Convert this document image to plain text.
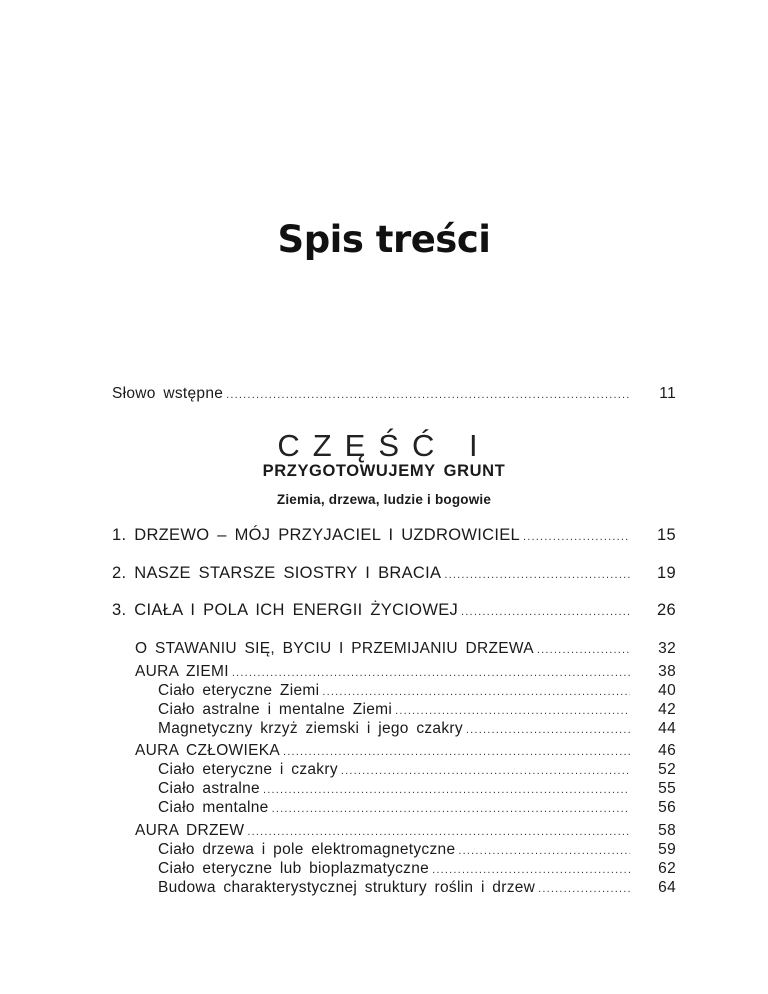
Spis treści
Słowo wstępne .....	11
CZĘŚĆ I
PRZYGOTOWUJEMY GRUNT
Ziemia, drzewa, ludzie i bogowie
1. DRZEWO – MÓJ PRZYJACIEL I UZDROWICIEL .....	15
2. NASZE STARSZE SIOSTRY I BRACIA .....	19
3. CIAŁA I POLA ICH ENERGII ŻYCIOWEJ .....	26
O STAWANIU SIĘ, BYCIU I PRZEMIJANIU DRZEWA .....	32
AURA ZIEMI .....	38
Ciało eteryczne Ziemi .....	40
Ciało astralne i mentalne Ziemi .....	42
Magnetyczny krzyż ziemski i jego czakry .....	44
AURA CZŁOWIEKA .....	46
Ciało eteryczne i czakry .....	52
Ciało astralne .....	55
Ciało mentalne .....	56
AURA DRZEW .....	58
Ciało drzewa i pole elektromagnetyczne .....	59
Ciało eteryczne lub bioplazmatyczne .....	62
Budowa charakterystycznej struktury roślin i drzew .....	64
